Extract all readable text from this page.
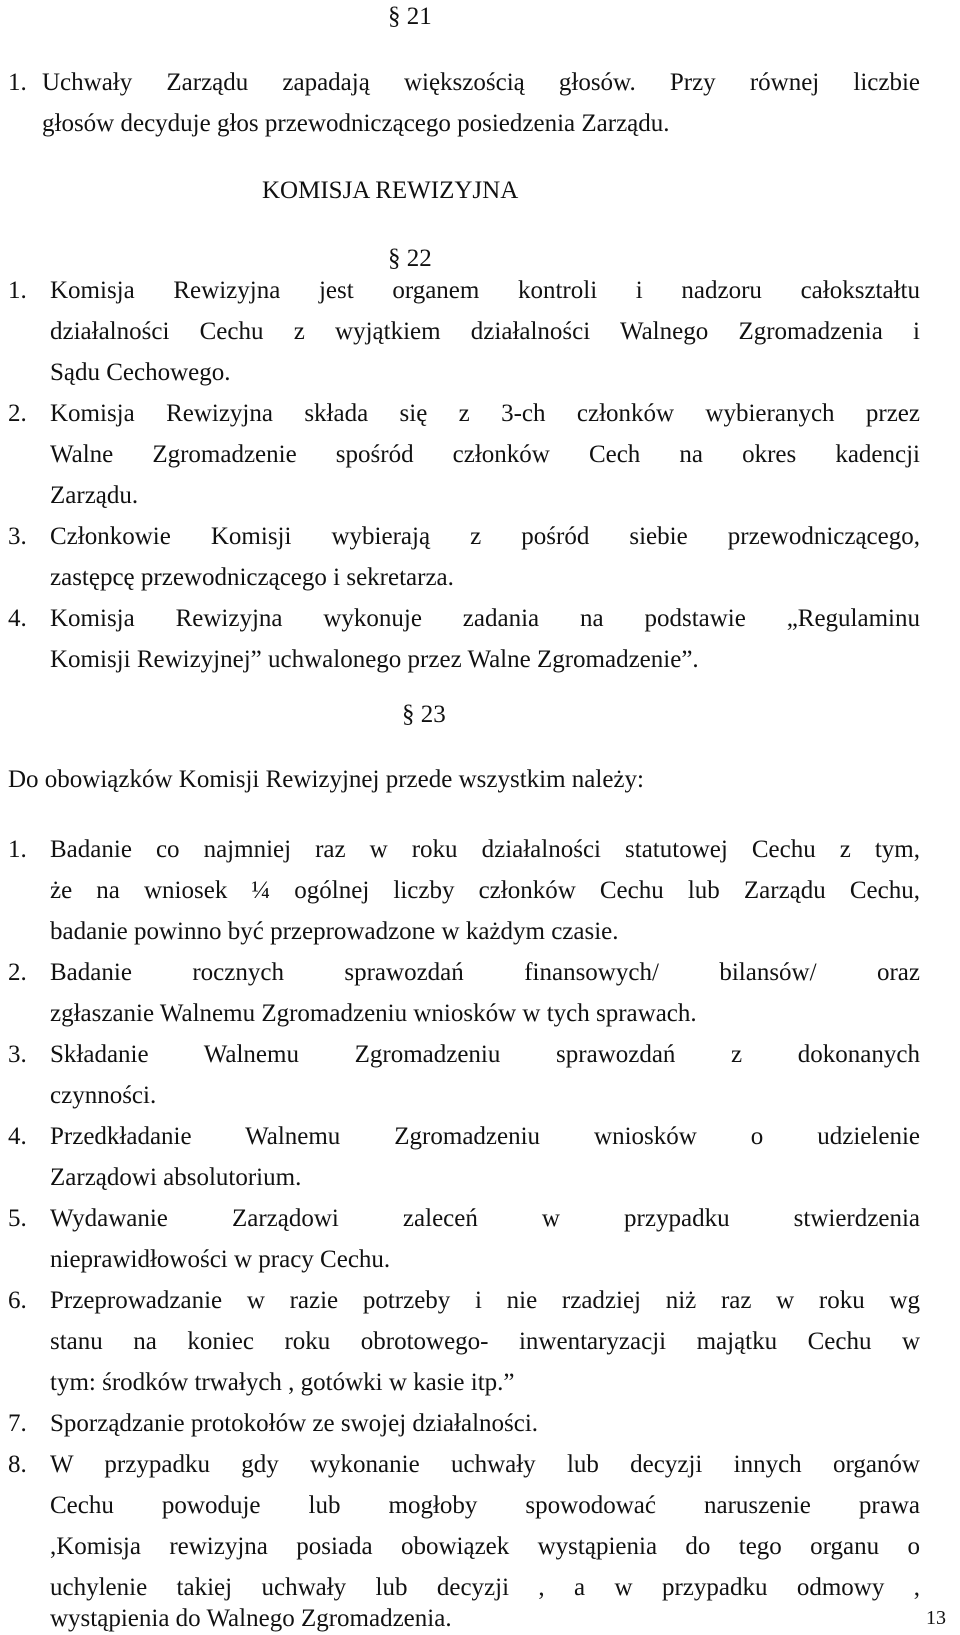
§ 21
1. Uchwały Zarządu zapadają większością głosów. Przy równej liczbie
głosów decyduje głos przewodniczącego posiedzenia Zarządu.
KOMISJA REWIZYJNA
§ 22
1. Komisja Rewizyjna jest organem kontroli i nadzoru całokształtu
działalności Cechu z wyjątkiem działalności Walnego Zgromadzenia i
Sądu Cechowego.
2. Komisja Rewizyjna składa się z 3-ch członków wybieranych przez
Walne Zgromadzenie spośród członków Cech na okres kadencji
Zarządu.
3. Członkowie Komisji wybierają z pośród siebie przewodniczącego,
zastępcę przewodniczącego i sekretarza.
4. Komisja Rewizyjna wykonuje zadania na podstawie „Regulaminu
Komisji Rewizyjnej” uchwalonego przez Walne Zgromadzenie”.
§ 23
Do obowiązków Komisji Rewizyjnej przede wszystkim należy:
1. Badanie co najmniej raz w roku działalności statutowej Cechu z tym,
że na wniosek ¼ ogólnej liczby członków Cechu lub Zarządu Cechu,
badanie powinno być przeprowadzone w każdym czasie.
2. Badanie rocznych sprawozdań finansowych/ bilansów/ oraz
zgłaszanie Walnemu Zgromadzeniu wniosków w tych sprawach.
3. Składanie Walnemu Zgromadzeniu sprawozdań z dokonanych
czynności.
4. Przedkładanie Walnemu Zgromadzeniu wniosków o udzielenie
Zarządowi absolutorium.
5. Wydawanie Zarządowi zaleceń w przypadku stwierdzenia
nieprawidłowości w pracy Cechu.
6. Przeprowadzanie w razie potrzeby i nie rzadziej niż raz w roku wg
stanu na koniec roku obrotowego- inwentaryzacji majątku Cechu w
tym: środków trwałych , gotówki w kasie itp.”
7. Sporządzanie protokołów ze swojej działalności.
8. W przypadku gdy wykonanie uchwały lub decyzji innych organów
Cechu powoduje lub mogłoby spowodować naruszenie prawa
,Komisja rewizyjna posiada obowiązek wystąpienia do tego organu o
uchylenie takiej uchwały lub decyzji , a w przypadku odmowy ,
wystąpienia do Walnego Zgromadzenia.	13
